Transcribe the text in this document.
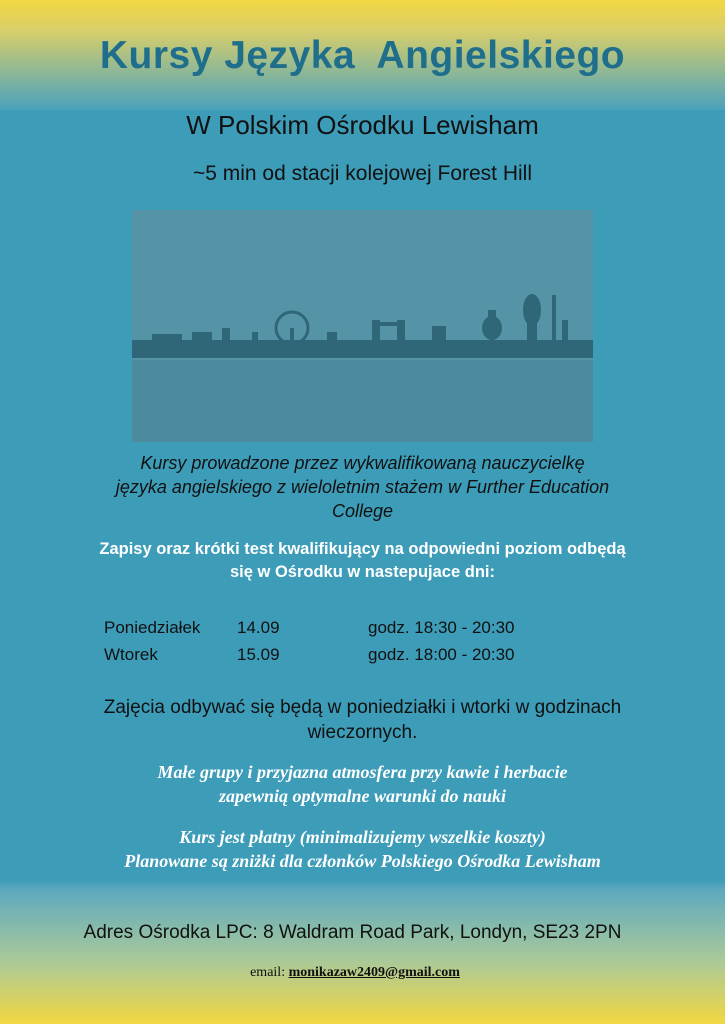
Kursy Języka  Angielskiego
W Polskim Ośrodku Lewisham
~5 min od stacji kolejowej Forest Hill
Kursy prowadzone przez wykwalifikowaną nauczycielkę
języka angielskiego z wieloletnim stażem w Further Education
College
Zapisy oraz krótki test kwalifikujący na odpowiedni poziom odbędą
się w Ośrodku w nastepujace dni:
Poniedziałek 14.09	godz. 18:30 - 20:30
Wtorek	15.09	godz. 18:00 - 20:30
Zajęcia odbywać się będą w poniedziałki i wtorki w godzinach
wieczornych.
Małe grupy i przyjazna atmosfera przy kawie i herbacie
zapewnią optymalne warunki do nauki
Kurs jest płatny (minimalizujemy wszelkie koszty)
Planowane są zniżki dla członków Polskiego Ośrodka Lewisham
Adres Ośrodka LPC: 8 Waldram Road Park, Londyn, SE23 2PN
email: monikazaw2409@gmail.com
